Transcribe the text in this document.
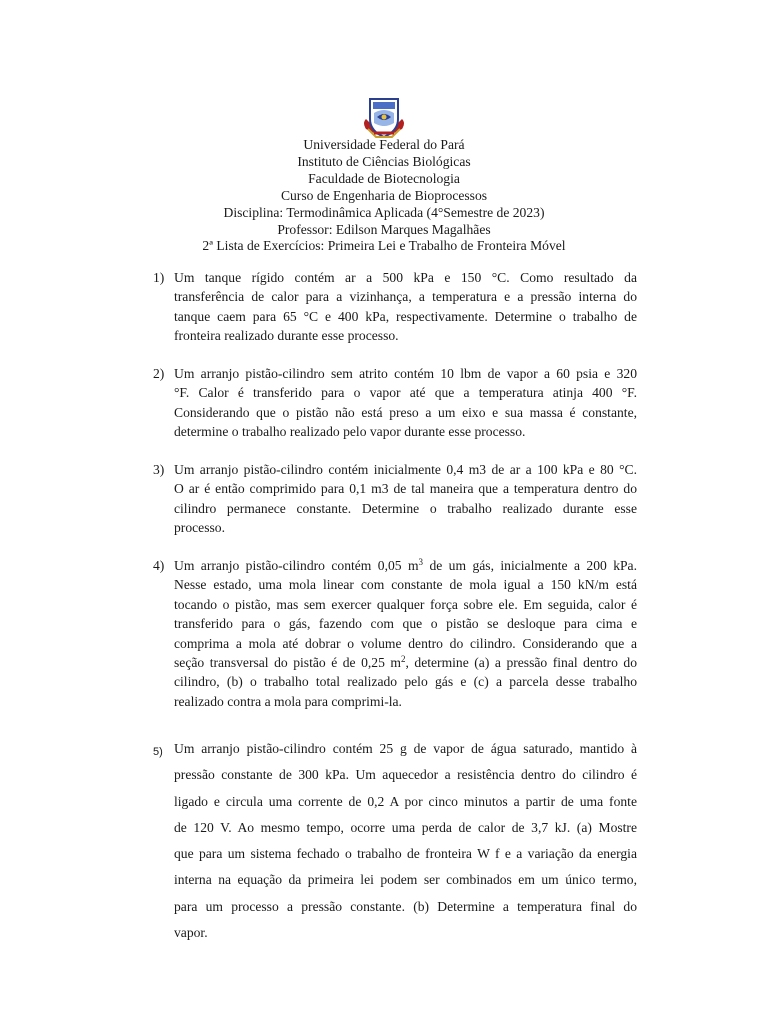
Universidade Federal do Pará
Instituto de Ciências Biológicas
Faculdade de Biotecnologia
Curso de Engenharia de Bioprocessos
Disciplina: Termodinâmica Aplicada (4°Semestre de 2023)
Professor: Edilson Marques Magalhães
2ª Lista de Exercícios: Primeira Lei e Trabalho de Fronteira Móvel
1) Um tanque rígido contém ar a 500 kPa e 150 °C. Como resultado da
transferência de calor para a vizinhança, a temperatura e a pressão interna do
tanque caem para 65 °C e 400 kPa, respectivamente. Determine o trabalho de
fronteira realizado durante esse processo.
2) Um arranjo pistão-cilindro sem atrito contém 10 lbm de vapor a 60 psia e 320
°F. Calor é transferido para o vapor até que a temperatura atinja 400 °F.
Considerando que o pistão não está preso a um eixo e sua massa é constante,
determine o trabalho realizado pelo vapor durante esse processo.
3) Um arranjo pistão-cilindro contém inicialmente 0,4 m3 de ar a 100 kPa e 80 °C.
O ar é então comprimido para 0,1 m3 de tal maneira que a temperatura dentro do
cilindro permanece constante. Determine o trabalho realizado durante esse
processo.
4) Um arranjo pistão-cilindro contém 0,05 $m^3$ de um gás, inicialmente a 200 kPa.
Nesse estado, uma mola linear com constante de mola igual a 150 kN/m está
tocando o pistão, mas sem exercer qualquer força sobre ele. Em seguida, calor é
transferido para o gás, fazendo com que o pistão se desloque para cima e
comprima a mola até dobrar o volume dentro do cilindro. Considerando que a
seção transversal do pistão é de 0,25 $m^2$, determine (a) a pressão final dentro do
cilindro, (b) o trabalho total realizado pelo gás e (c) a parcela desse trabalho
realizado contra a mola para comprimi-la.
5) Um arranjo pistão-cilindro contém 25 g de vapor de água saturado, mantido à
pressão constante de 300 kPa. Um aquecedor a resistência dentro do cilindro é
ligado e circula uma corrente de 0,2 A por cinco minutos a partir de uma fonte
de 120 V. Ao mesmo tempo, ocorre uma perda de calor de 3,7 kJ. (a) Mostre
que para um sistema fechado o trabalho de fronteira W f e a variação da energia
interna na equação da primeira lei podem ser combinados em um único termo,
para um processo a pressão constante. (b) Determine a temperatura final do
vapor.
